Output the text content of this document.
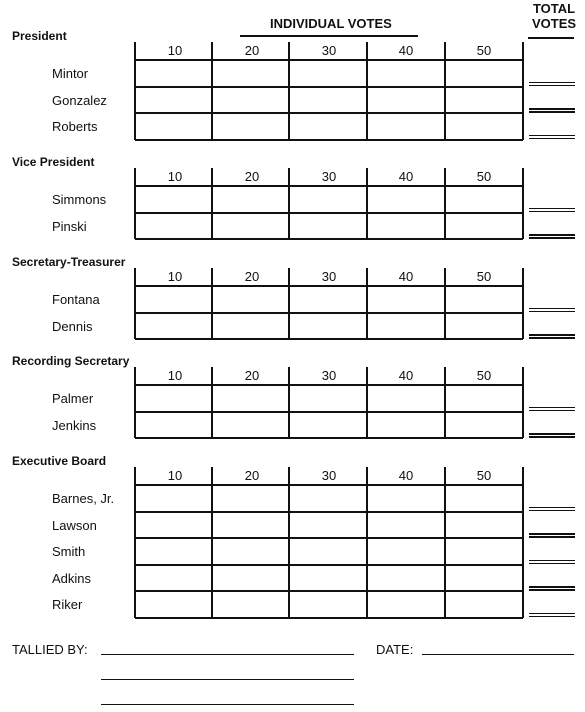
INDIVIDUAL VOTES
TOTAL
VOTES
President
10	20	30	40	50
Mintor
Gonzalez
Roberts
Vice President
10	20	30	40	50
Simmons
Pinski
Secretary-Treasurer
10	20	30	40	50
Fontana
Dennis
Recording Secretary
10	20	30	40	50
Palmer
Jenkins
Executive Board
10	20	30	40	50
Barnes, Jr.
Lawson
Smith
Adkins
Riker
TALLIED BY:	DATE:
